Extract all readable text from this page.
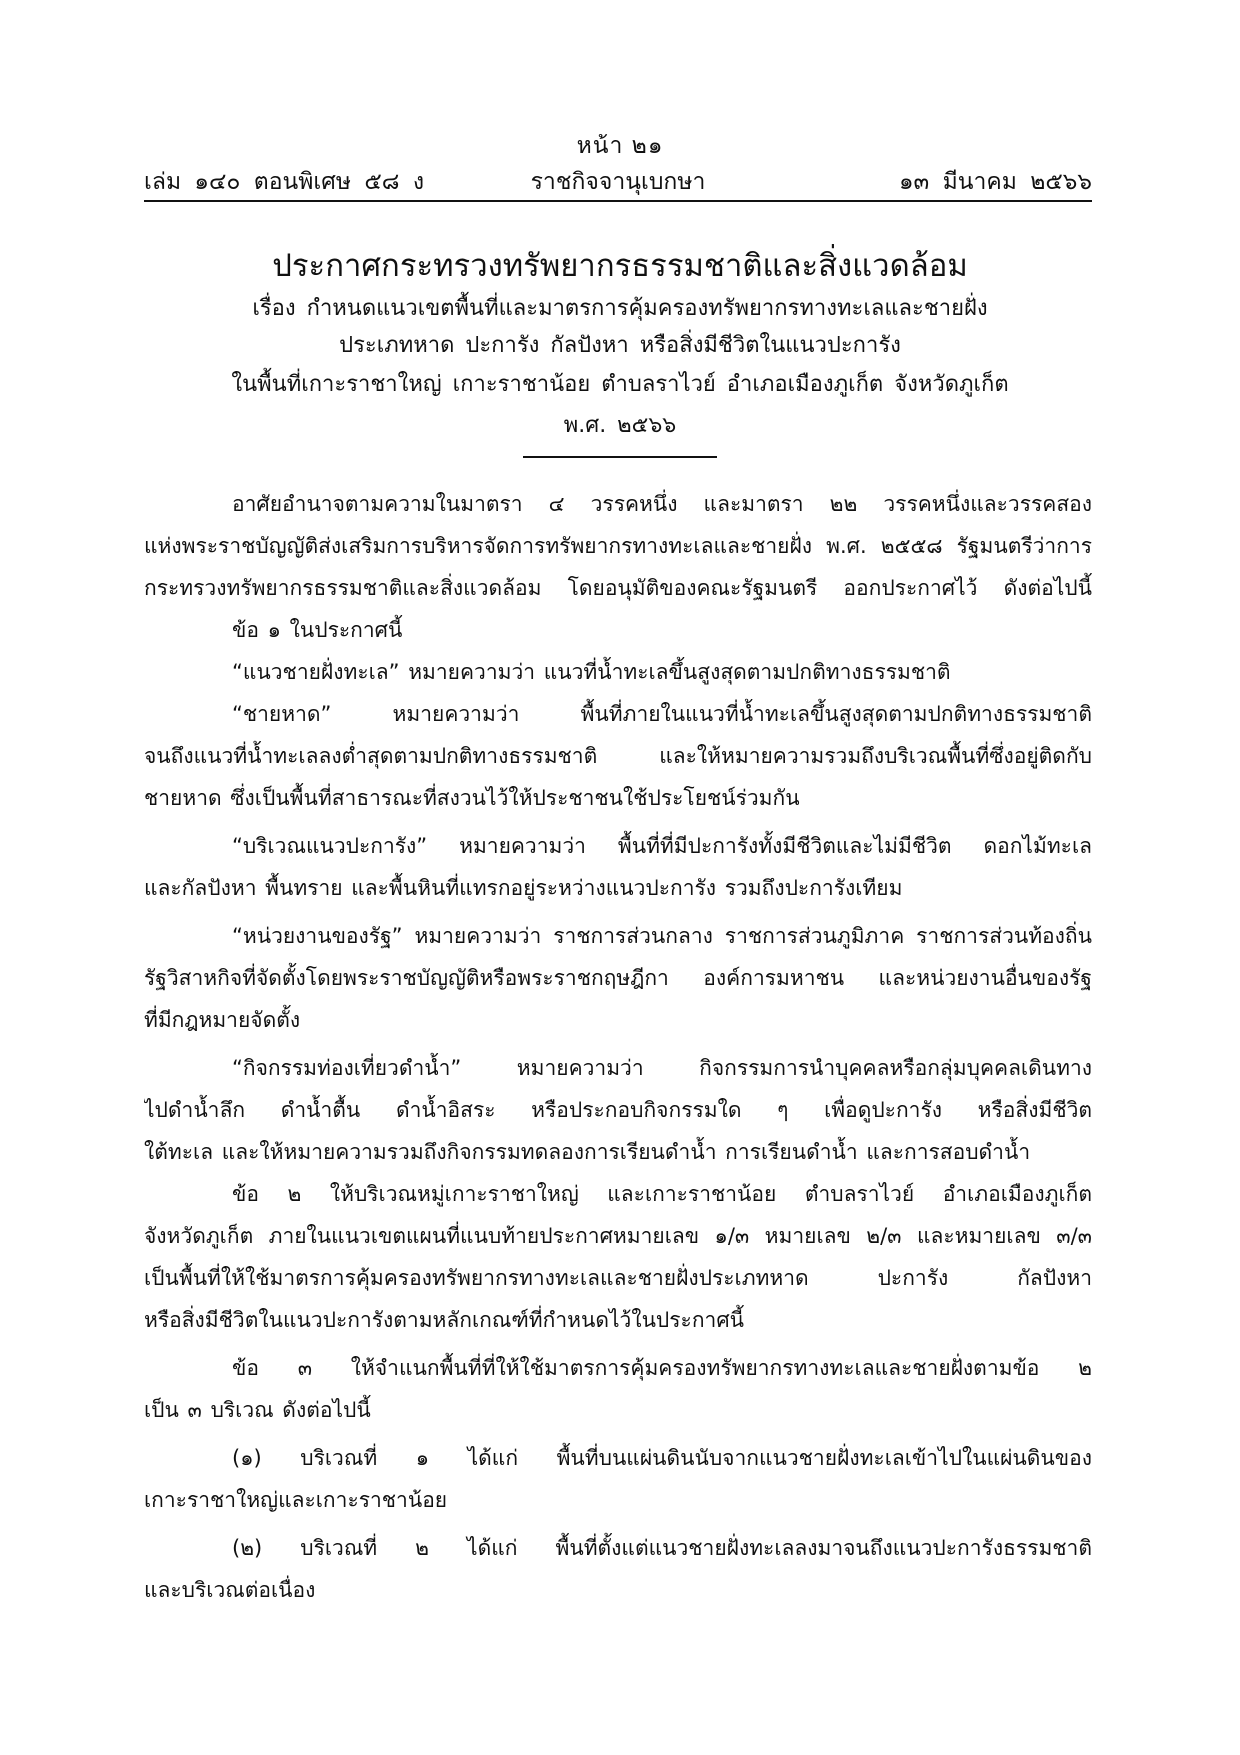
หน้า ๒๑
เล่ม ๑๔๐ ตอนพิเศษ ๕๘ ง	ราชกิจจานุเบกษา	๑๓ มีนาคม ๒๕๖๖
ประกาศกระทรวงทรัพยากรธรรมชาติและสิ่งแวดล้อม
เรื่อง กำหนดแนวเขตพื้นที่และมาตรการคุ้มครองทรัพยากรทางทะเลและชายฝั่ง
ประเภทหาด ปะการัง กัลปังหา หรือสิ่งมีชีวิตในแนวปะการัง
ในพื้นที่เกาะราชาใหญ่ เกาะราชาน้อย ตำบลราไวย์ อำเภอเมืองภูเก็ต จังหวัดภูเก็ต
พ.ศ. ๒๕๖๖
อาศัยอำนาจตามความในมาตรา ๔ วรรคหนึ่ง และมาตรา ๒๒ วรรคหนึ่งและวรรคสอง
แห่งพระราชบัญญัติส่งเสริมการบริหารจัดการทรัพยากรทางทะเลและชายฝั่ง พ.ศ. ๒๕๕๘ รัฐมนตรีว่าการ
กระทรวงทรัพยากรธรรมชาติและสิ่งแวดล้อม โดยอนุมัติของคณะรัฐมนตรี ออกประกาศไว้ ดังต่อไปนี้
ข้อ ๑ ในประกาศนี้
“แนวชายฝั่งทะเล” หมายความว่า แนวที่น้ำทะเลขึ้นสูงสุดตามปกติทางธรรมชาติ
“ชายหาด” หมายความว่า พื้นที่ภายในแนวที่น้ำทะเลขึ้นสูงสุดตามปกติทางธรรมชาติ
จนถึงแนวที่น้ำทะเลลงต่ำสุดตามปกติทางธรรมชาติ และให้หมายความรวมถึงบริเวณพื้นที่ซึ่งอยู่ติดกับ
ชายหาด ซึ่งเป็นพื้นที่สาธารณะที่สงวนไว้ให้ประชาชนใช้ประโยชน์ร่วมกัน
“บริเวณแนวปะการัง” หมายความว่า พื้นที่ที่มีปะการังทั้งมีชีวิตและไม่มีชีวิต ดอกไม้ทะเล
และกัลปังหา พื้นทราย และพื้นหินที่แทรกอยู่ระหว่างแนวปะการัง รวมถึงปะการังเทียม
“หน่วยงานของรัฐ” หมายความว่า ราชการส่วนกลาง ราชการส่วนภูมิภาค ราชการส่วนท้องถิ่น
รัฐวิสาหกิจที่จัดตั้งโดยพระราชบัญญัติหรือพระราชกฤษฎีกา องค์การมหาชน และหน่วยงานอื่นของรัฐ
ที่มีกฎหมายจัดตั้ง
“กิจกรรมท่องเที่ยวดำน้ำ” หมายความว่า กิจกรรมการนำบุคคลหรือกลุ่มบุคคลเดินทาง
ไปดำน้ำลึก ดำน้ำตื้น ดำน้ำอิสระ หรือประกอบกิจกรรมใด ๆ เพื่อดูปะการัง หรือสิ่งมีชีวิต
ใต้ทะเล และให้หมายความรวมถึงกิจกรรมทดลองการเรียนดำน้ำ การเรียนดำน้ำ และการสอบดำน้ำ
ข้อ ๒ ให้บริเวณหมู่เกาะราชาใหญ่ และเกาะราชาน้อย ตำบลราไวย์ อำเภอเมืองภูเก็ต
จังหวัดภูเก็ต ภายในแนวเขตแผนที่แนบท้ายประกาศหมายเลข ๑/๓ หมายเลข ๒/๓ และหมายเลข ๓/๓
เป็นพื้นที่ให้ใช้มาตรการคุ้มครองทรัพยากรทางทะเลและชายฝั่งประเภทหาด ปะการัง กัลปังหา
หรือสิ่งมีชีวิตในแนวปะการังตามหลักเกณฑ์ที่กำหนดไว้ในประกาศนี้
ข้อ ๓ ให้จำแนกพื้นที่ที่ให้ใช้มาตรการคุ้มครองทรัพยากรทางทะเลและชายฝั่งตามข้อ ๒
เป็น ๓ บริเวณ ดังต่อไปนี้
(๑) บริเวณที่ ๑ ได้แก่ พื้นที่บนแผ่นดินนับจากแนวชายฝั่งทะเลเข้าไปในแผ่นดินของ
เกาะราชาใหญ่และเกาะราชาน้อย
(๒) บริเวณที่ ๒ ได้แก่ พื้นที่ตั้งแต่แนวชายฝั่งทะเลลงมาจนถึงแนวปะการังธรรมชาติ
และบริเวณต่อเนื่อง
